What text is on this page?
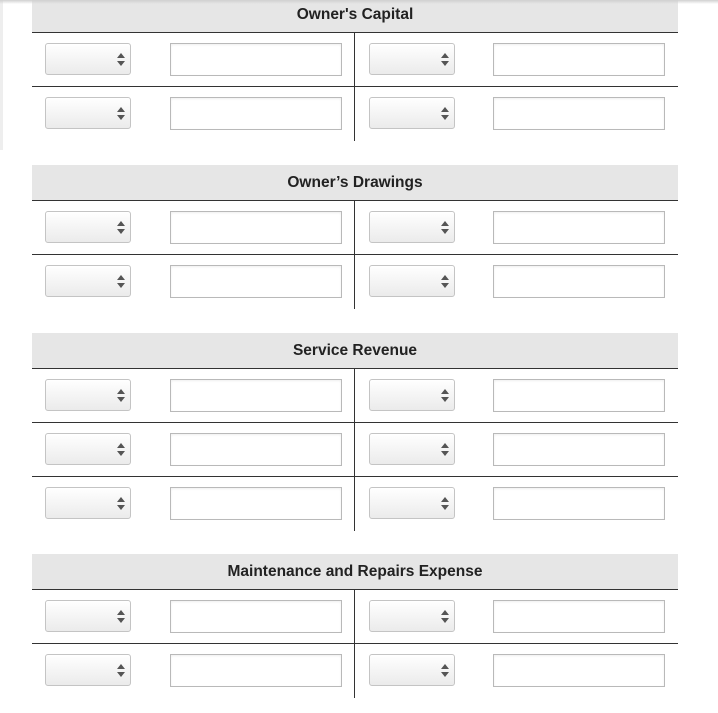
Owner's Capital
Owner’s Drawings
Service Revenue
Maintenance and Repairs Expense
